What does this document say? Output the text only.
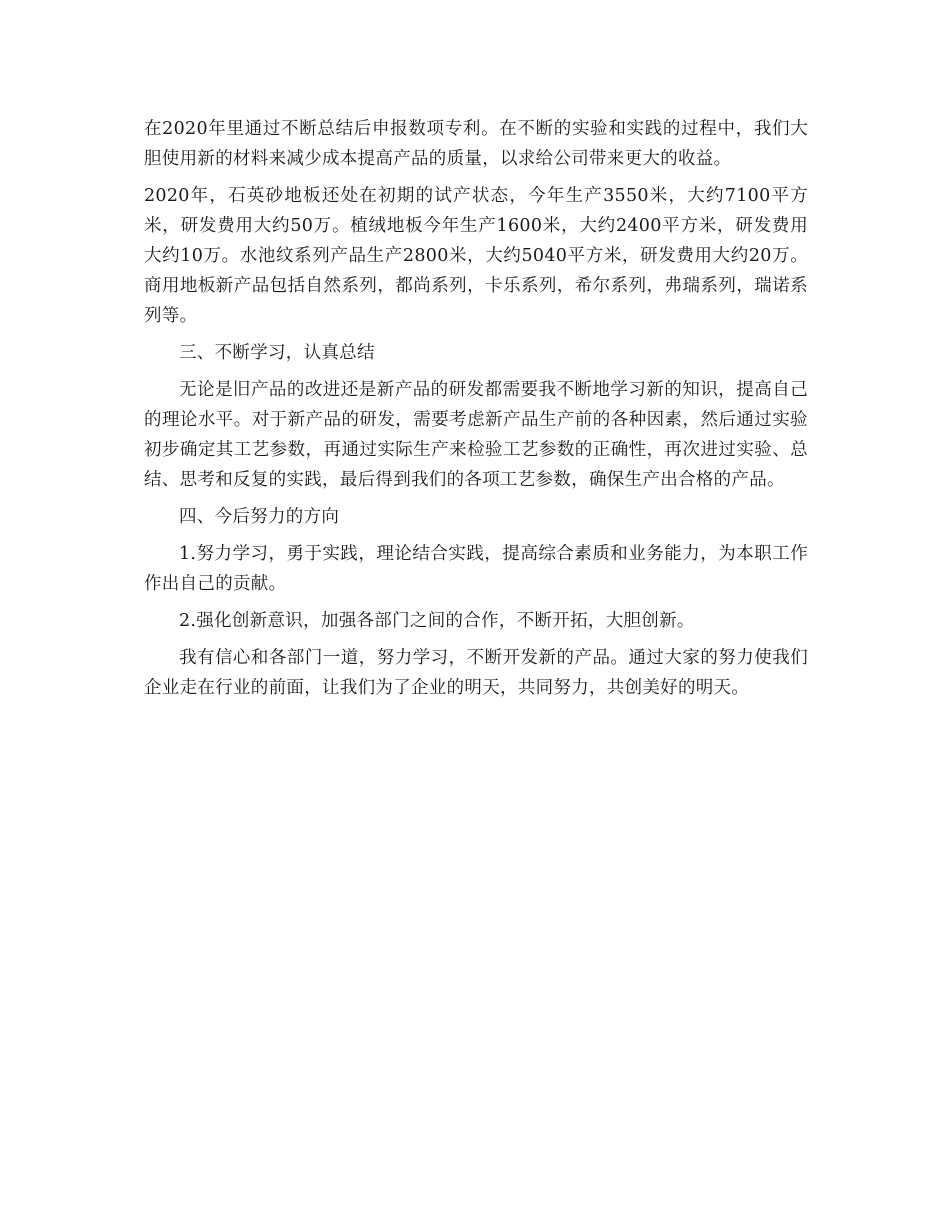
在2020年里通过不断总结后申报数项专利。在不断的实验和实践的过程中，我们大胆使用新的材料来减少成本提高产品的质量，以求给公司带来更大的收益。

2020年，石英砂地板还处在初期的试产状态，今年生产3550米，大约7100平方米，研发费用大约50万。植绒地板今年生产1600米，大约2400平方米，研发费用大约10万。水池纹系列产品生产2800米，大约5040平方米，研发费用大约20万。商用地板新产品包括自然系列，都尚系列，卡乐系列，希尔系列，弗瑞系列，瑞诺系列等。

三、不断学习，认真总结

无论是旧产品的改进还是新产品的研发都需要我不断地学习新的知识，提高自己的理论水平。对于新产品的研发，需要考虑新产品生产前的各种因素，然后通过实验初步确定其工艺参数，再通过实际生产来检验工艺参数的正确性，再次进过实验、总结、思考和反复的实践，最后得到我们的各项工艺参数，确保生产出合格的产品。

四、今后努力的方向

1.努力学习，勇于实践，理论结合实践，提高综合素质和业务能力，为本职工作作出自己的贡献。

2.强化创新意识，加强各部门之间的合作，不断开拓，大胆创新。

我有信心和各部门一道，努力学习，不断开发新的产品。通过大家的努力使我们企业走在行业的前面，让我们为了企业的明天，共同努力，共创美好的明天。
